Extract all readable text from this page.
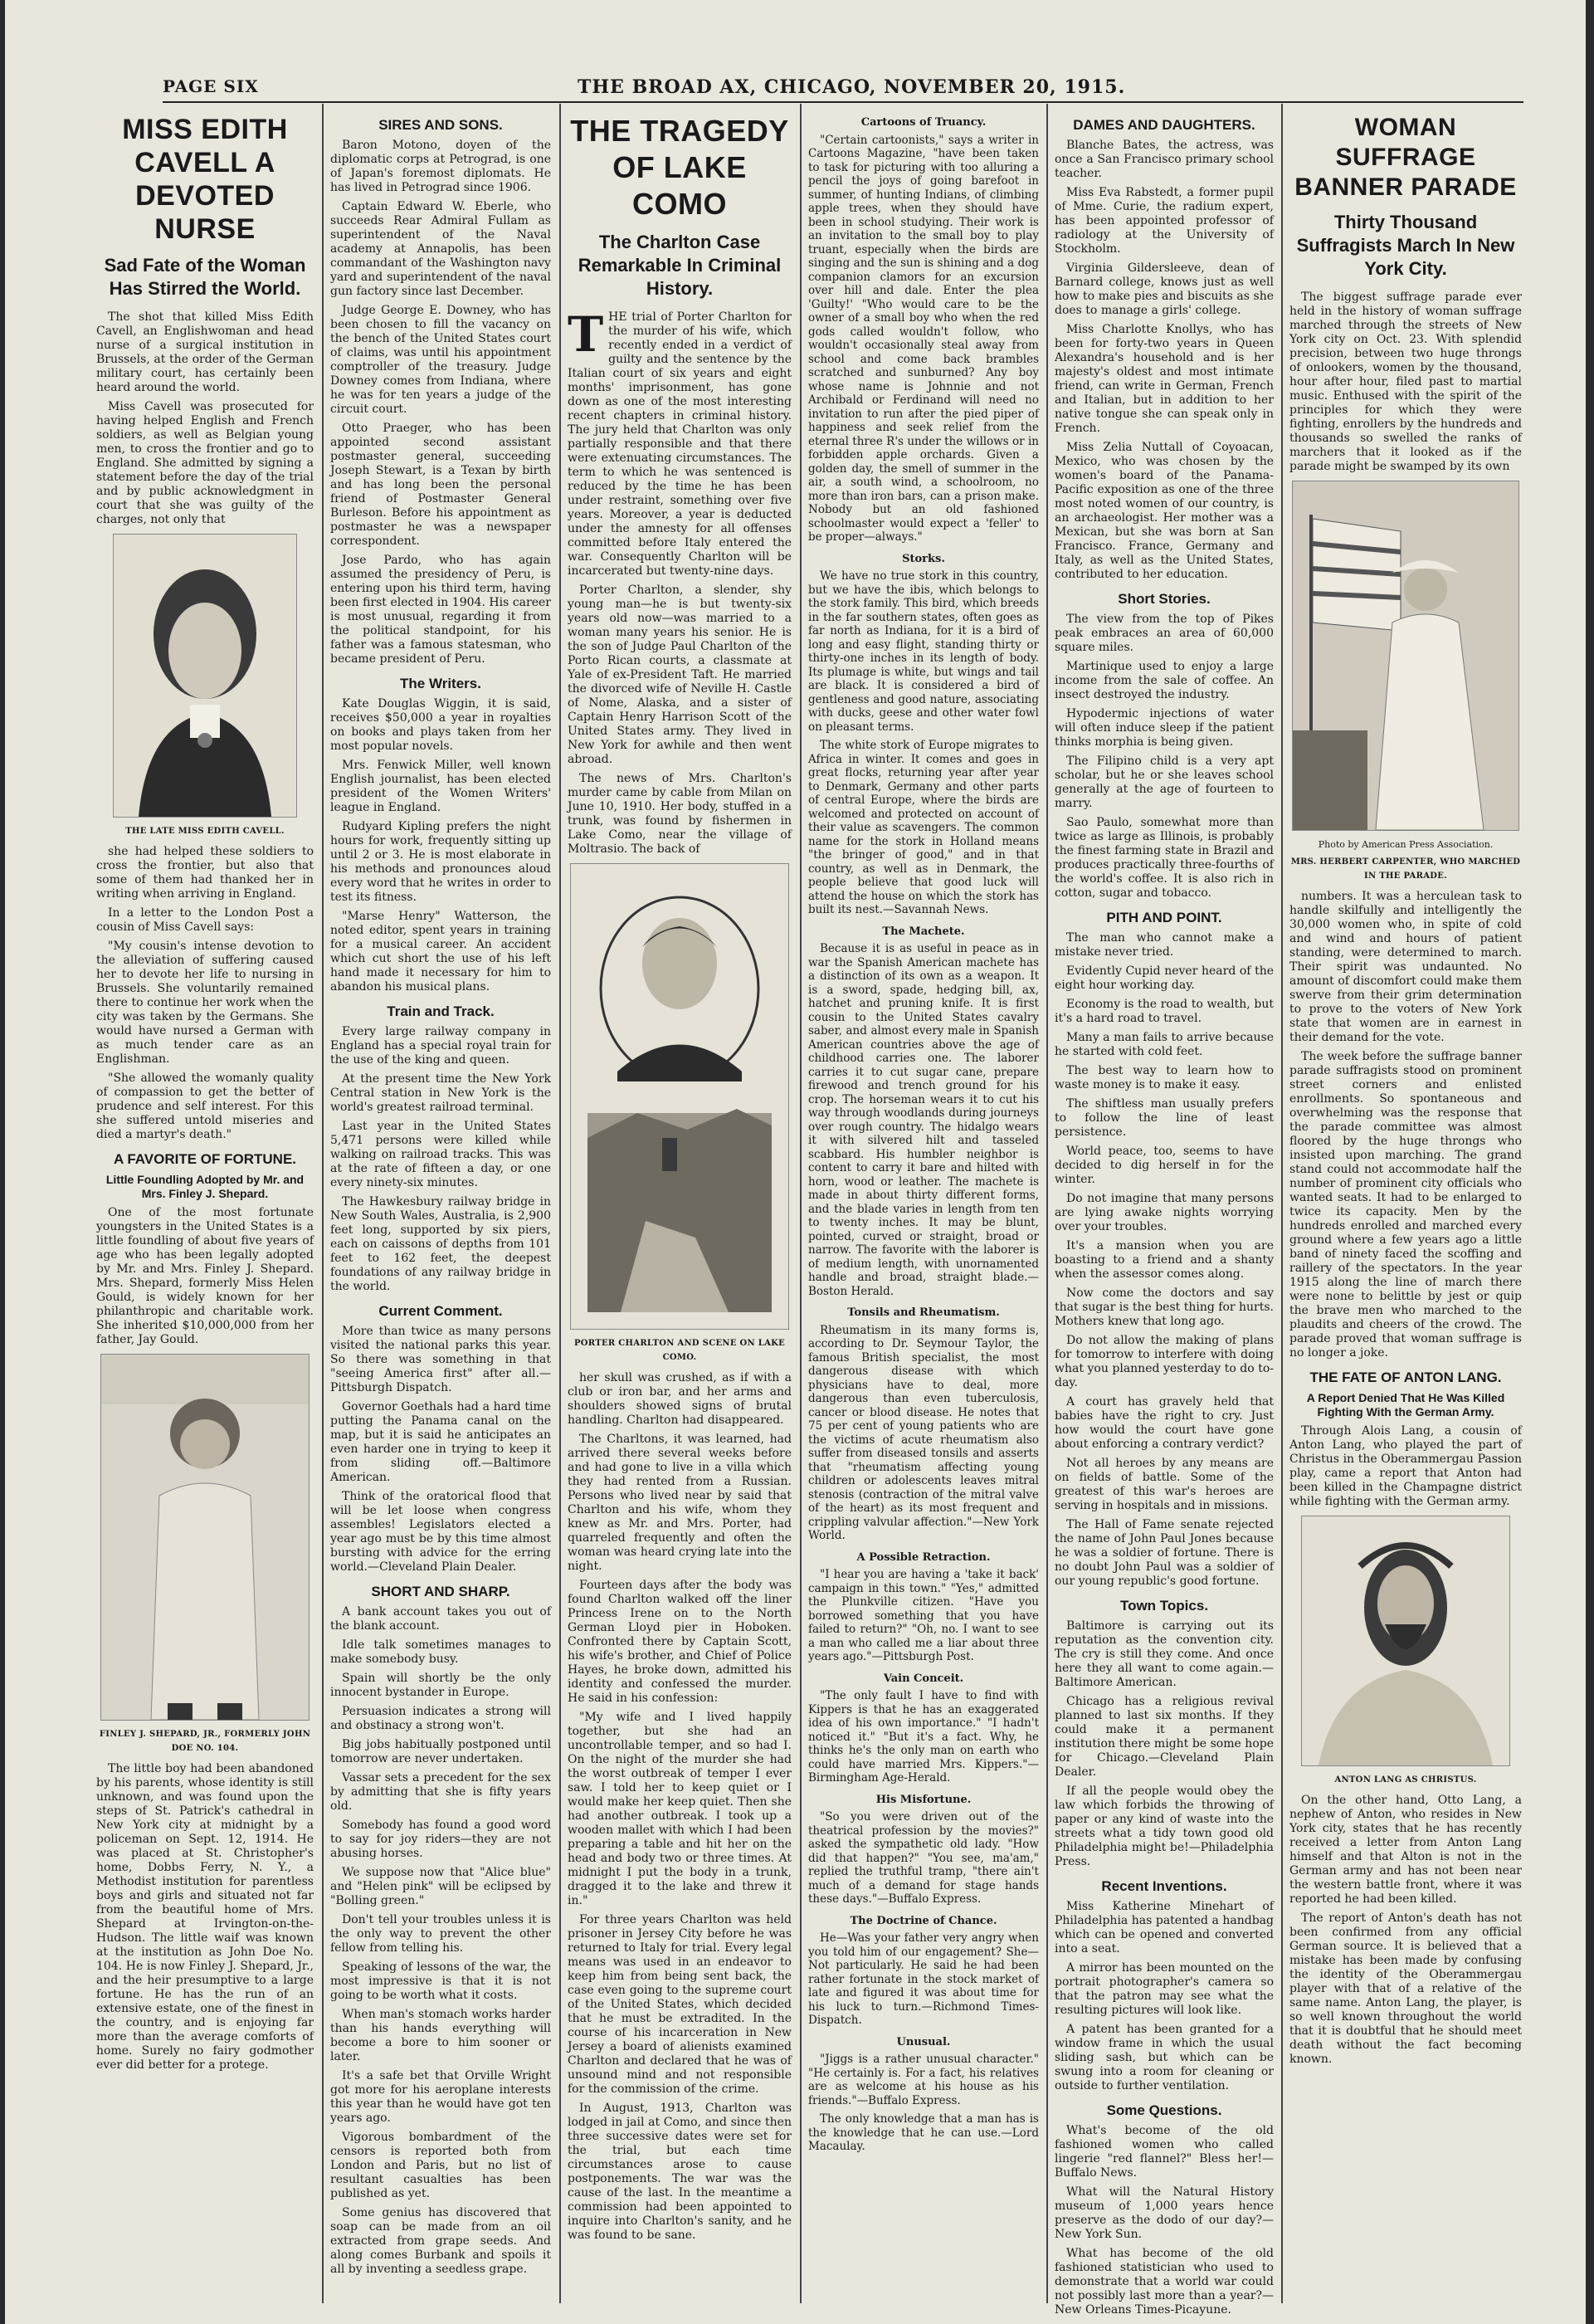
PAGE SIX	THE BROAD AX, CHICAGO, NOVEMBER 20, 1915.
MISS EDITH CAVELL A DEVOTED NURSE
Sad Fate of the Woman Has Stirred the World.

The shot that killed Miss Edith Cavell, an Englishwoman and head nurse of a surgical institution in Brussels, at the order of the German military court, has certainly been heard around the world.

Miss Cavell was prosecuted for having helped English and French soldiers, as well as Belgian young men, to cross the frontier and go to England. She admitted by signing a statement before the day of the trial and by public acknowledgment in court that she was guilty of the charges, not only that

THE LATE MISS EDITH CAVELL.

she had helped these soldiers to cross the frontier, but also that some of them had thanked her in writing when arriving in England.

In a letter to the London Post a cousin of Miss Cavell says:

"My cousin's intense devotion to the alleviation of suffering caused her to devote her life to nursing in Brussels. She voluntarily remained there to continue her work when the city was taken by the Germans. She would have nursed a German with as much tender care as an Englishman.

"She allowed the womanly quality of compassion to get the better of prudence and self interest. For this she suffered untold miseries and died a martyr's death."

A FAVORITE OF FORTUNE.
Little Foundling Adopted by Mr. and Mrs. Finley J. Shepard.

One of the most fortunate youngsters in the United States is a little foundling of about five years of age who has been legally adopted by Mr. and Mrs. Finley J. Shepard. Mrs. Shepard, formerly Miss Helen Gould, is widely known for her philanthropic and charitable work. She inherited $10,000,000 from her father, Jay Gould.

FINLEY J. SHEPARD, JR., FORMERLY JOHN DOE NO. 104.

The little boy had been abandoned by his parents, whose identity is still unknown, and was found upon the steps of St. Patrick's cathedral in New York city at midnight by a policeman on Sept. 12, 1914. He was placed at St. Christopher's home, Dobbs Ferry, N. Y., a Methodist institution for parentless boys and girls and situated not far from the beautiful home of Mrs. Shepard at Irvington-on-the-Hudson. The little waif was known at the institution as John Doe No. 104. He is now Finley J. Shepard, Jr., and the heir presumptive to a large fortune. He has the run of an extensive estate, one of the finest in the country, and is enjoying far more than the average comforts of home. Surely no fairy godmother ever did better for a protege.

SIRES AND SONS.

Baron Motono, doyen of the diplomatic corps at Petrograd, is one of Japan's foremost diplomats. He has lived in Petrograd since 1906.

Captain Edward W. Eberle, who succeeds Rear Admiral Fullam as superintendent of the Naval academy at Annapolis, has been commandant of the Washington navy yard and superintendent of the naval gun factory since last December.

Judge George E. Downey, who has been chosen to fill the vacancy on the bench of the United States court of claims, was until his appointment comptroller of the treasury. Judge Downey comes from Indiana, where he was for ten years a judge of the circuit court.

Otto Praeger, who has been appointed second assistant postmaster general, succeeding Joseph Stewart, is a Texan by birth and has long been the personal friend of Postmaster General Burleson. Before his appointment as postmaster he was a newspaper correspondent.

Jose Pardo, who has again assumed the presidency of Peru, is entering upon his third term, having been first elected in 1904. His career is most unusual, regarding it from the political standpoint, for his father was a famous statesman, who became president of Peru.

The Writers.

Kate Douglas Wiggin, it is said, receives $50,000 a year in royalties on books and plays taken from her most popular novels.

Mrs. Fenwick Miller, well known English journalist, has been elected president of the Women Writers' league in England.

Rudyard Kipling prefers the night hours for work, frequently sitting up until 2 or 3. He is most elaborate in his methods and pronounces aloud every word that he writes in order to test its fitness.

"Marse Henry" Watterson, the noted editor, spent years in training for a musical career. An accident which cut short the use of his left hand made it necessary for him to abandon his musical plans.

Train and Track.

Every large railway company in England has a special royal train for the use of the king and queen.

At the present time the New York Central station in New York is the world's greatest railroad terminal.

Last year in the United States 5,471 persons were killed while walking on railroad tracks. This was at the rate of fifteen a day, or one every ninety-six minutes.

The Hawkesbury railway bridge in New South Wales, Australia, is 2,900 feet long, supported by six piers, each on caissons of depths from 101 feet to 162 feet, the deepest foundations of any railway bridge in the world.

Current Comment.

More than twice as many persons visited the national parks this year. So there was something in that "seeing America first" after all.—Pittsburgh Dispatch.

Governor Goethals had a hard time putting the Panama canal on the map, but it is said he anticipates an even harder one in trying to keep it from sliding off.—Baltimore American.

Think of the oratorical flood that will be let loose when congress assembles! Legislators elected a year ago must be by this time almost bursting with advice for the erring world.—Cleveland Plain Dealer.

SHORT AND SHARP.

A bank account takes you out of the blank account.

Idle talk sometimes manages to make somebody busy.

Spain will shortly be the only innocent bystander in Europe.

Persuasion indicates a strong will and obstinacy a strong won't.

Big jobs habitually postponed until tomorrow are never undertaken.

Vassar sets a precedent for the sex by admitting that she is fifty years old.

Somebody has found a good word to say for joy riders—they are not abusing horses.

We suppose now that "Alice blue" and "Helen pink" will be eclipsed by "Bolling green."

Don't tell your troubles unless it is the only way to prevent the other fellow from telling his.

Speaking of lessons of the war, the most impressive is that it is not going to be worth what it costs.

When man's stomach works harder than his hands everything will become a bore to him sooner or later.

It's a safe bet that Orville Wright got more for his aeroplane interests this year than he would have got ten years ago.

Vigorous bombardment of the censors is reported both from London and Paris, but no list of resultant casualties has been published as yet.

Some genius has discovered that soap can be made from an oil extracted from grape seeds. And along comes Burbank and spoils it all by inventing a seedless grape.

THE TRAGEDY OF LAKE COMO
The Charlton Case Remarkable In Criminal History.

THE trial of Porter Charlton for the murder of his wife, which recently ended in a verdict of guilty and the sentence by the Italian court of six years and eight months' imprisonment, has gone down as one of the most interesting recent chapters in criminal history. The jury held that Charlton was only partially responsible and that there were extenuating circumstances. The term to which he was sentenced is reduced by the time he has been under restraint, something over five years. Moreover, a year is deducted under the amnesty for all offenses committed before Italy entered the war. Consequently Charlton will be incarcerated but twenty-nine days.

Porter Charlton, a slender, shy young man—he is but twenty-six years old now—was married to a woman many years his senior. He is the son of Judge Paul Charlton of the Porto Rican courts, a classmate at Yale of ex-President Taft. He married the divorced wife of Neville H. Castle of Nome, Alaska, and a sister of Captain Henry Harrison Scott of the United States army. They lived in New York for awhile and then went abroad.

The news of Mrs. Charlton's murder came by cable from Milan on June 10, 1910. Her body, stuffed in a trunk, was found by fishermen in Lake Como, near the village of Moltrasio. The back of

PORTER CHARLTON AND SCENE ON LAKE COMO.

her skull was crushed, as if with a club or iron bar, and her arms and shoulders showed signs of brutal handling. Charlton had disappeared.

The Charltons, it was learned, had arrived there several weeks before and had gone to live in a villa which they had rented from a Russian. Persons who lived near by said that Charlton and his wife, whom they knew as Mr. and Mrs. Porter, had quarreled frequently and often the woman was heard crying late into the night.

Fourteen days after the body was found Charlton walked off the liner Princess Irene on to the North German Lloyd pier in Hoboken. Confronted there by Captain Scott, his wife's brother, and Chief of Police Hayes, he broke down, admitted his identity and confessed the murder. He said in his confession:

"My wife and I lived happily together, but she had an uncontrollable temper, and so had I. On the night of the murder she had the worst outbreak of temper I ever saw. I told her to keep quiet or I would make her keep quiet. Then she had another outbreak. I took up a wooden mallet with which I had been preparing a table and hit her on the head and body two or three times. At midnight I put the body in a trunk, dragged it to the lake and threw it in."

For three years Charlton was held prisoner in Jersey City before he was returned to Italy for trial. Every legal means was used in an endeavor to keep him from being sent back, the case even going to the supreme court of the United States, which decided that he must be extradited. In the course of his incarceration in New Jersey a board of alienists examined Charlton and declared that he was of unsound mind and not responsible for the commission of the crime.

In August, 1913, Charlton was lodged in jail at Como, and since then three successive dates were set for the trial, but each time circumstances arose to cause postponements. The war was the cause of the last. In the meantime a commission had been appointed to inquire into Charlton's sanity, and he was found to be sane.

Cartoons of Truancy.

"Certain cartoonists," says a writer in Cartoons Magazine, "have been taken to task for picturing with too alluring a pencil the joys of going barefoot in summer, of hunting Indians, of climbing apple trees, when they should have been in school studying. Their work is an invitation to the small boy to play truant, especially when the birds are singing and the sun is shining and a dog companion clamors for an excursion over hill and dale. Enter the plea 'Guilty!' "Who would care to be the owner of a small boy who when the red gods called wouldn't follow, who wouldn't occasionally steal away from school and come back brambles scratched and sunburned? Any boy whose name is Johnnie and not Archibald or Ferdinand will need no invitation to run after the pied piper of happiness and seek relief from the eternal three R's under the willows or in forbidden apple orchards. Given a golden day, the smell of summer in the air, a south wind, a schoolroom, no more than iron bars, can a prison make. Nobody but an old fashioned schoolmaster would expect a 'feller' to be proper—always."

Storks.

We have no true stork in this country, but we have the ibis, which belongs to the stork family. This bird, which breeds in the far southern states, often goes as far north as Indiana, for it is a bird of long and easy flight, standing thirty or thirty-one inches in its length of body. Its plumage is white, but wings and tail are black. It is considered a bird of gentleness and good nature, associating with ducks, geese and other water fowl on pleasant terms.

The white stork of Europe migrates to Africa in winter. It comes and goes in great flocks, returning year after year to Denmark, Germany and other parts of central Europe, where the birds are welcomed and protected on account of their value as scavengers. The common name for the stork in Holland means "the bringer of good," and in that country, as well as in Denmark, the people believe that good luck will attend the house on which the stork has built its nest.—Savannah News.

The Machete.

Because it is as useful in peace as in war the Spanish American machete has a distinction of its own as a weapon. It is a sword, spade, hedging bill, ax, hatchet and pruning knife. It is first cousin to the United States cavalry saber, and almost every male in Spanish American countries above the age of childhood carries one. The laborer carries it to cut sugar cane, prepare firewood and trench ground for his crop. The horseman wears it to cut his way through woodlands during journeys over rough country. The hidalgo wears it with silvered hilt and tasseled scabbard. His humbler neighbor is content to carry it bare and hilted with horn, wood or leather. The machete is made in about thirty different forms, and the blade varies in length from ten to twenty inches. It may be blunt, pointed, curved or straight, broad or narrow. The favorite with the laborer is of medium length, with unornamented handle and broad, straight blade.—Boston Herald.

Tonsils and Rheumatism.

Rheumatism in its many forms is, according to Dr. Seymour Taylor, the famous British specialist, the most dangerous disease with which physicians have to deal, more dangerous than even tuberculosis, cancer or blood disease. He notes that 75 per cent of young patients who are the victims of acute rheumatism also suffer from diseased tonsils and asserts that "rheumatism affecting young children or adolescents leaves mitral stenosis (contraction of the mitral valve of the heart) as its most frequent and crippling valvular affection."—New York World.

A Possible Retraction.

"I hear you are having a 'take it back' campaign in this town." "Yes," admitted the Plunkville citizen. "Have you borrowed something that you have failed to return?" "Oh, no. I want to see a man who called me a liar about three years ago."—Pittsburgh Post.

Vain Conceit.

"The only fault I have to find with Kippers is that he has an exaggerated idea of his own importance." "I hadn't noticed it." "But it's a fact. Why, he thinks he's the only man on earth who could have married Mrs. Kippers."—Birmingham Age-Herald.

His Misfortune.

"So you were driven out of the theatrical profession by the movies?" asked the sympathetic old lady. "How did that happen?" "You see, ma'am," replied the truthful tramp, "there ain't much of a demand for stage hands these days."—Buffalo Express.

The Doctrine of Chance.

He—Was your father very angry when you told him of our engagement? She—Not particularly. He said he had been rather fortunate in the stock market of late and figured it was about time for his luck to turn.—Richmond Times-Dispatch.

Unusual.

"Jiggs is a rather unusual character." "He certainly is. For a fact, his relatives are as welcome at his house as his friends."—Buffalo Express.

The only knowledge that a man has is the knowledge that he can use.—Lord Macaulay.

DAMES AND DAUGHTERS.

Blanche Bates, the actress, was once a San Francisco primary school teacher.

Miss Eva Rabstedt, a former pupil of Mme. Curie, the radium expert, has been appointed professor of radiology at the University of Stockholm.

Virginia Gildersleeve, dean of Barnard college, knows just as well how to make pies and biscuits as she does to manage a girls' college.

Miss Charlotte Knollys, who has been for forty-two years in Queen Alexandra's household and is her majesty's oldest and most intimate friend, can write in German, French and Italian, but in addition to her native tongue she can speak only in French.

Miss Zelia Nuttall of Coyoacan, Mexico, who was chosen by the women's board of the Panama-Pacific exposition as one of the three most noted women of our country, is an archaeologist. Her mother was a Mexican, but she was born at San Francisco. France, Germany and Italy, as well as the United States, contributed to her education.

Short Stories.

The view from the top of Pikes peak embraces an area of 60,000 square miles.

Martinique used to enjoy a large income from the sale of coffee. An insect destroyed the industry.

Hypodermic injections of water will often induce sleep if the patient thinks morphia is being given.

The Filipino child is a very apt scholar, but he or she leaves school generally at the age of fourteen to marry.

Sao Paulo, somewhat more than twice as large as Illinois, is probably the finest farming state in Brazil and produces practically three-fourths of the world's coffee. It is also rich in cotton, sugar and tobacco.

PITH AND POINT.

The man who cannot make a mistake never tried.

Evidently Cupid never heard of the eight hour working day.

Economy is the road to wealth, but it's a hard road to travel.

Many a man fails to arrive because he started with cold feet.

The best way to learn how to waste money is to make it easy.

The shiftless man usually prefers to follow the line of least persistence.

World peace, too, seems to have decided to dig herself in for the winter.

Do not imagine that many persons are lying awake nights worrying over your troubles.

It's a mansion when you are boasting to a friend and a shanty when the assessor comes along.

Now come the doctors and say that sugar is the best thing for hurts. Mothers knew that long ago.

Do not allow the making of plans for tomorrow to interfere with doing what you planned yesterday to do to-day.

A court has gravely held that babies have the right to cry. Just how would the court have gone about enforcing a contrary verdict?

Not all heroes by any means are on fields of battle. Some of the greatest of this war's heroes are serving in hospitals and in missions.

The Hall of Fame senate rejected the name of John Paul Jones because he was a soldier of fortune. There is no doubt John Paul was a soldier of our young republic's good fortune.

Town Topics.

Baltimore is carrying out its reputation as the convention city. The cry is still they come. And once here they all want to come again.—Baltimore American.

Chicago has a religious revival planned to last six months. If they could make it a permanent institution there might be some hope for Chicago.—Cleveland Plain Dealer.

If all the people would obey the law which forbids the throwing of paper or any kind of waste into the streets what a tidy town good old Philadelphia might be!—Philadelphia Press.

Recent Inventions.

Miss Katherine Minehart of Philadelphia has patented a handbag which can be opened and converted into a seat.

A mirror has been mounted on the portrait photographer's camera so that the patron may see what the resulting pictures will look like.

A patent has been granted for a window frame in which the usual sliding sash, but which can be swung into a room for cleaning or outside to further ventilation.

Some Questions.

What's become of the old fashioned women who called lingerie "red flannel?" Bless her!—Buffalo News.

What will the Natural History museum of 1,000 years hence preserve as the dodo of our day?—New York Sun.

What has become of the old fashioned statistician who used to demonstrate that a world war could not possibly last more than a year?—New Orleans Times-Picayune.

WOMAN SUFFRAGE BANNER PARADE
Thirty Thousand Suffragists March In New York City.

The biggest suffrage parade ever held in the history of woman suffrage marched through the streets of New York city on Oct. 23. With splendid precision, between two huge throngs of onlookers, women by the thousand, hour after hour, filed past to martial music. Enthused with the spirit of the principles for which they were fighting, enrollers by the hundreds and thousands so swelled the ranks of marchers that it looked as if the parade might be swamped by its own

Photo by American Press Association.
MRS. HERBERT CARPENTER, WHO MARCHED IN THE PARADE.

numbers. It was a herculean task to handle skilfully and intelligently the 30,000 women who, in spite of cold and wind and hours of patient standing, were determined to march. Their spirit was undaunted. No amount of discomfort could make them swerve from their grim determination to prove to the voters of New York state that women are in earnest in their demand for the vote.

The week before the suffrage banner parade suffragists stood on prominent street corners and enlisted enrollments. So spontaneous and overwhelming was the response that the parade committee was almost floored by the huge throngs who insisted upon marching. The grand stand could not accommodate half the number of prominent city officials who wanted seats. It had to be enlarged to twice its capacity. Men by the hundreds enrolled and marched every ground where a few years ago a little band of ninety faced the scoffing and raillery of the spectators. In the year 1915 along the line of march there were none to belittle by jest or quip the brave men who marched to the plaudits and cheers of the crowd. The parade proved that woman suffrage is no longer a joke.

THE FATE OF ANTON LANG.
A Report Denied That He Was Killed Fighting With the German Army.

Through Alois Lang, a cousin of Anton Lang, who played the part of Christus in the Oberammergau Passion play, came a report that Anton had been killed in the Champagne district while fighting with the German army.

ANTON LANG AS CHRISTUS.

On the other hand, Otto Lang, a nephew of Anton, who resides in New York city, states that he has recently received a letter from Anton Lang himself and that Alton is not in the German army and has not been near the western battle front, where it was reported he had been killed.

The report of Anton's death has not been confirmed from any official German source. It is believed that a mistake has been made by confusing the identity of the Oberammergau player with that of a relative of the same name. Anton Lang, the player, is so well known throughout the world that it is doubtful that he should meet death without the fact becoming known.
